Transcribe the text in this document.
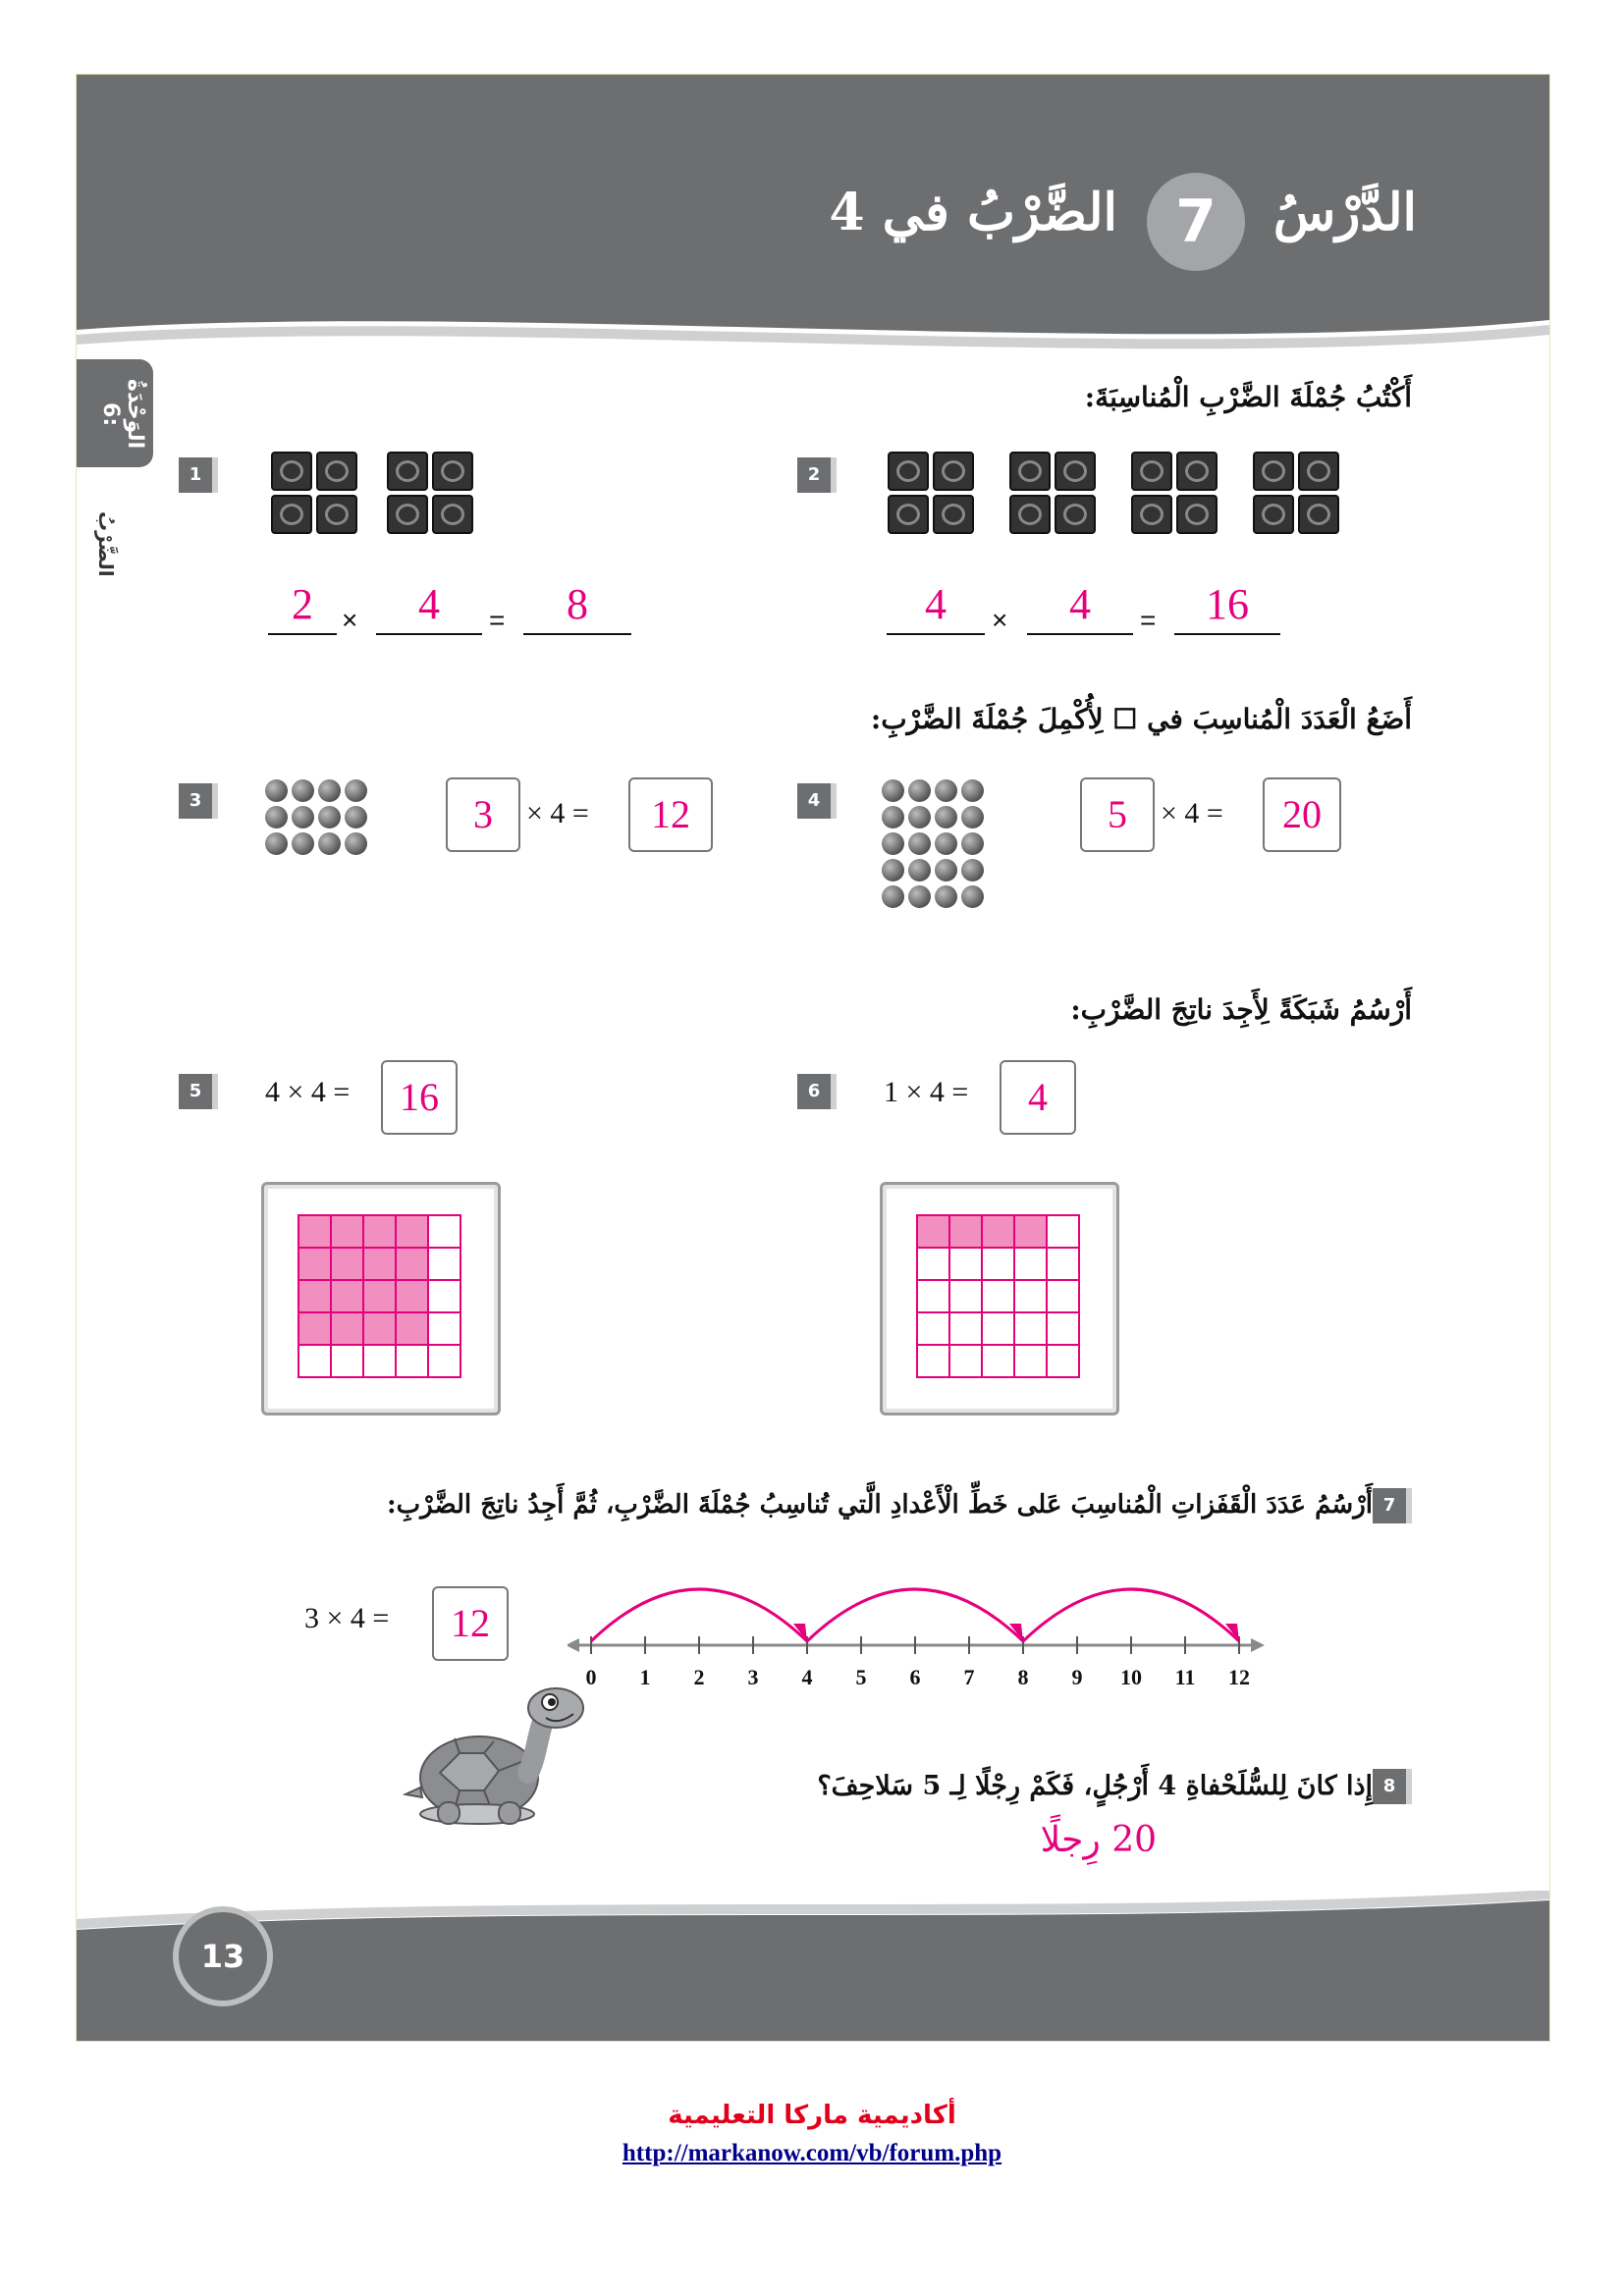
الدَّرْسُ
7
الضَّرْبُ في 4
الوَحْدَةُ 6:
الضَّرْبُ
أَكْتُبُ جُمْلَةَ الضَّرْبِ الْمُناسِبَةَ:
1
2	×	4	=	8
2
4	×	4	=	16
أَضَعُ الْعَدَدَ الْمُناسِبَ في ☐ لِأُكْمِلَ جُمْلَةَ الضَّرْبِ:
3	3	× 4 =	12	4	5	× 4 =	20
أَرْسُمُ شَبَكَةً لِأَجِدَ ناتِجَ الضَّرْبِ:
5	4 × 4 =	16	6	1 × 4 =	4
7
أَرْسُمُ عَدَدَ الْقَفَزاتِ الْمُناسِبَ عَلى خَطِّ الْأَعْدادِ الَّتي تُناسِبُ جُمْلَةَ الضَّرْبِ، ثُمَّ أَجِدُ ناتِجَ الضَّرْبِ:
3 × 4 =	12
0 1 2 3 4 5 6 7 8 9 10 11 12
8
إِذا كانَ لِلسُّلَحْفاةِ 4 أَرْجُلٍ، فَكَمْ رِجْلًا لِـ 5 سَلاحِفَ؟
20 رِجلًا
13
أكاديمية ماركا التعليمية
http://markanow.com/vb/forum.php
